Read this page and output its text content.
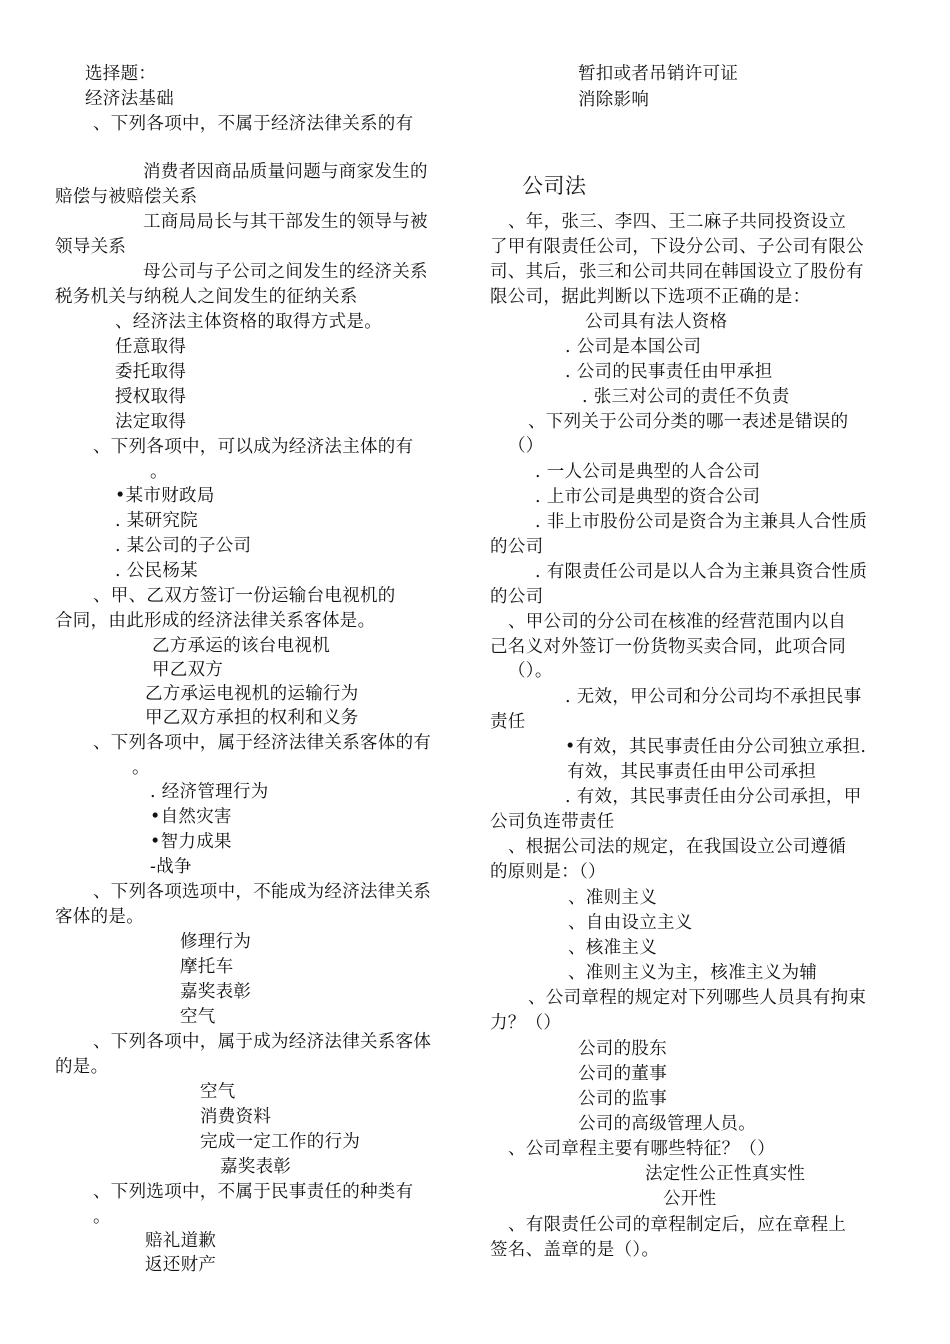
选择题：
经济法基础
、下列各项中，不属于经济法律关系的有
消费者因商品质量问题与商家发生的
赔偿与被赔偿关系
工商局局长与其干部发生的领导与被
领导关系
母公司与子公司之间发生的经济关系
税务机关与纳税人之间发生的征纳关系
、经济法主体资格的取得方式是。
任意取得
委托取得
授权取得
法定取得
、下列各项中，可以成为经济法主体的有
。
•某市财政局
. 某研究院
. 某公司的子公司
. 公民杨某
、甲、乙双方签订一份运输台电视机的
合同，由此形成的经济法律关系客体是。
乙方承运的该台电视机
甲乙双方
乙方承运电视机的运输行为
甲乙双方承担的权利和义务
、下列各项中，属于经济法律关系客体的有
。
. 经济管理行为
•自然灾害
•智力成果
-战争
、下列各项选项中，不能成为经济法律关系
客体的是。
修理行为
摩托车
嘉奖表彰
空气
、下列各项中，属于成为经济法律关系客体
的是。
空气
消费资料
完成一定工作的行为
嘉奖表彰
、下列选项中，不属于民事责任的种类有
。
赔礼道歉
返还财产
暂扣或者吊销许可证
消除影响
公司法
、年，张三、李四、王二麻子共同投资设立
了甲有限责任公司，下设分公司、子公司有限公
司、其后，张三和公司共同在韩国设立了股份有
限公司，据此判断以下选项不正确的是：
公司具有法人资格
. 公司是本国公司
. 公司的民事责任由甲承担
. 张三对公司的责任不负责
、下列关于公司分类的哪一表述是错误的
（）
. 一人公司是典型的人合公司
. 上市公司是典型的资合公司
. 非上市股份公司是资合为主兼具人合性质
的公司
. 有限责任公司是以人合为主兼具资合性质
的公司
、甲公司的分公司在核准的经营范围内以自
己名义对外签订一份货物买卖合同，此项合同
（）。
. 无效，甲公司和分公司均不承担民事
责任
•有效，其民事责任由分公司独立承担.
有效，其民事责任由甲公司承担
. 有效，其民事责任由分公司承担，甲
公司负连带责任
、根据公司法的规定，在我国设立公司遵循
的原则是：（）
、准则主义
、自由设立主义
、核准主义
、准则主义为主，核准主义为辅
、公司章程的规定对下列哪些人员具有拘束
力？（）
公司的股东
公司的董事
公司的监事
公司的高级管理人员。
、公司章程主要有哪些特征？（）
法定性公正性真实性
公开性
、有限责任公司的章程制定后，应在章程上
签名、盖章的是（）。
